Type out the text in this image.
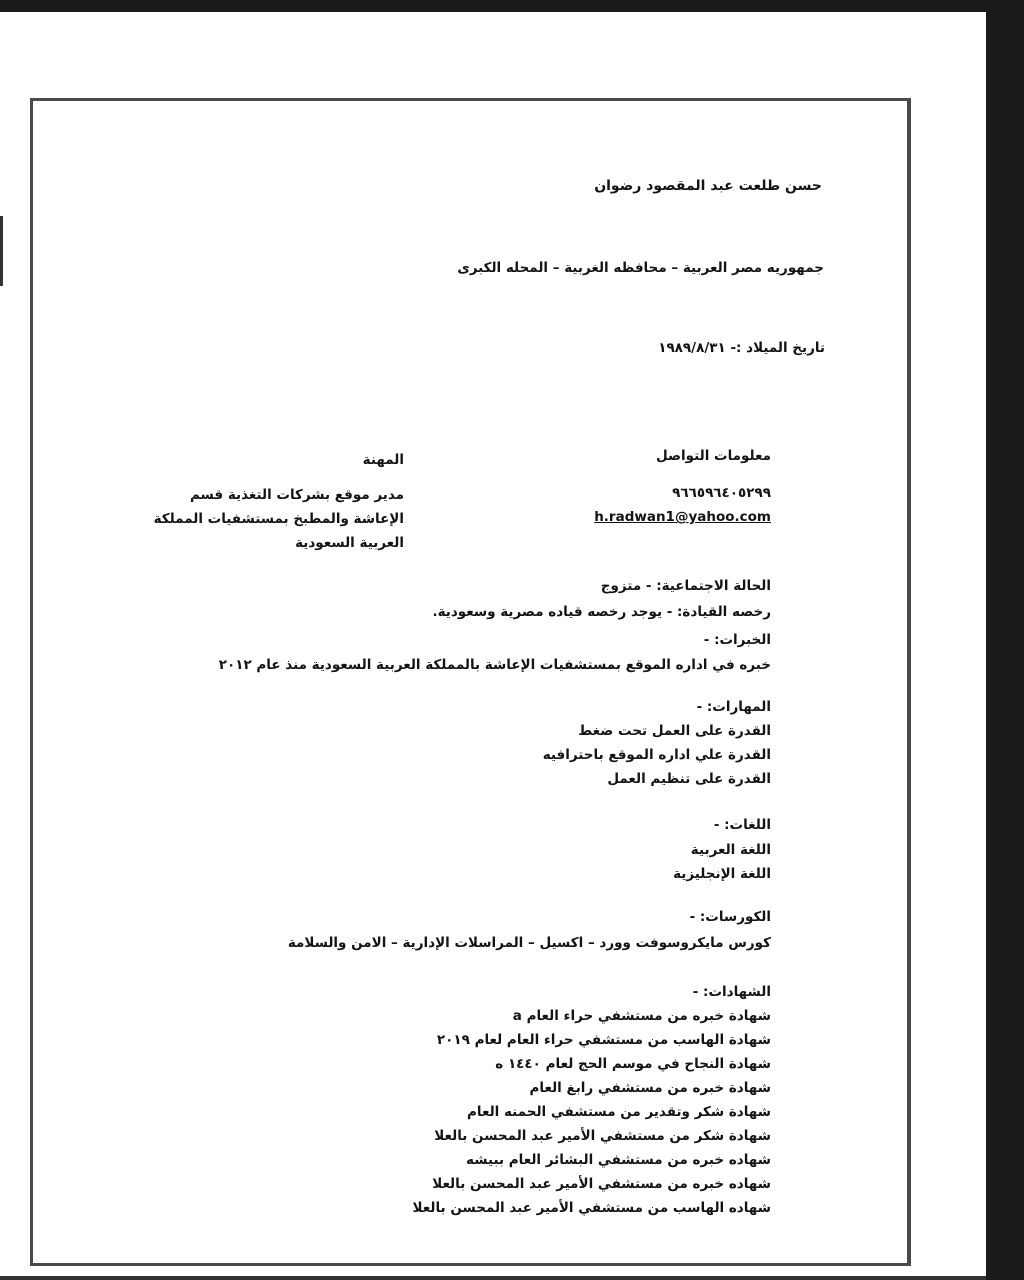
حسن طلعت عبد المقصود رضوان
جمهوريه مصر العربية – محافظه الغربية – المحله الكبرى
تاريخ الميلاد :- ١٩٨٩/٨/٣١
معلومات التواصل
٩٦٦٥٩٦٤٠٥٢٩٩
h.radwan1@yahoo.com
المهنة
مدير موقع بشركات التغذية قسم
الإعاشة والمطبخ بمستشفيات المملكة
العربية السعودية
الحالة الاجتماعية: - متزوج
رخصه القيادة: - يوجد رخصه قياده مصرية وسعودية.
الخبرات: -
خبره في اداره الموقع بمستشفيات الإعاشة بالمملكة العربية السعودية منذ عام ٢٠١٢
المهارات: -
القدرة على العمل تحت ضغط
القدرة علي اداره الموقع باحترافيه
القدرة على تنظيم العمل
اللغات: -
اللغة العربية
اللغة الإنجليزية
الكورسات: -
كورس مايكروسوفت وورد – اكسيل – المراسلات الإدارية – الامن والسلامة
الشهادات: -
شهادة خبره من مستشفي حراء العام a
شهادة الهاسب من مستشفي حراء العام لعام ٢٠١٩
شهادة النجاح في موسم الحج لعام ١٤٤٠ ه
شهادة خبره من مستشفي رابغ العام
شهادة شكر وتقدير من مستشفي الحمنه العام
شهادة شكر من مستشفي الأمير عبد المحسن بالعلا
شهاده خبره من مستشفي البشائر العام ببيشه
شهاده خبره من مستشفي الأمير عبد المحسن بالعلا
شهاده الهاسب من مستشفي الأمير عبد المحسن بالعلا
